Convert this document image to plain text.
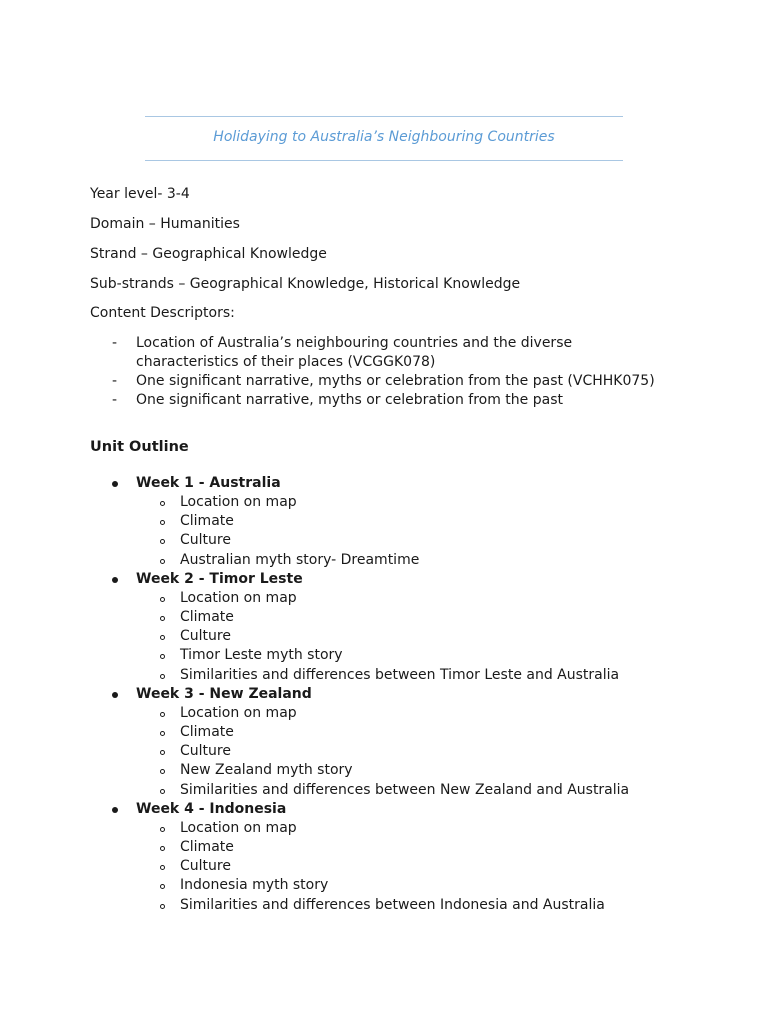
Holidaying to Australia’s Neighbouring Countries
Year level- 3-4
Domain – Humanities
Strand – Geographical Knowledge
Sub-strands – Geographical Knowledge, Historical Knowledge
Content Descriptors:
- Location of Australia’s neighbouring countries and the diverse characteristics of their places (VCGGK078)
- One significant narrative, myths or celebration from the past (VCHHK075)
- One significant narrative, myths or celebration from the past
Unit Outline
Week 1 - Australia
Location on map
Climate
Culture
Australian myth story- Dreamtime
Week 2 - Timor Leste
Location on map
Climate
Culture
Timor Leste myth story
Similarities and differences between Timor Leste and Australia
Week 3 - New Zealand
Location on map
Climate
Culture
New Zealand myth story
Similarities and differences between New Zealand and Australia
Week 4 - Indonesia
Location on map
Climate
Culture
Indonesia myth story
Similarities and differences between Indonesia and Australia
